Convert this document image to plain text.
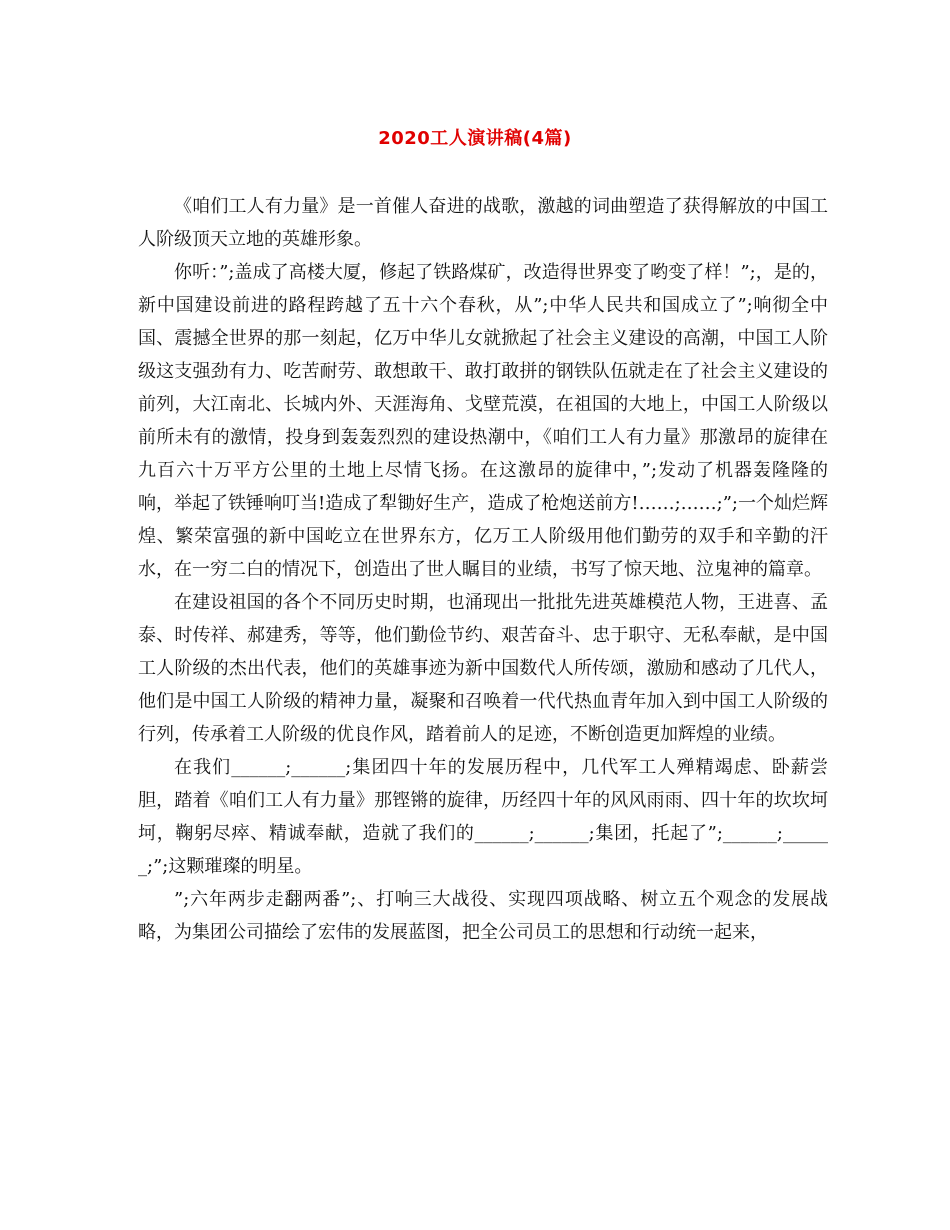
2020工人演讲稿(4篇)

《咱们工人有力量》是一首催人奋进的战歌，激越的词曲塑造了获得解放的中国工人阶级顶天立地的英雄形象。

你听：”;盖成了高楼大厦，修起了铁路煤矿，改造得世界变了哟变了样！”;，是的，新中国建设前进的路程跨越了五十六个春秋，从”;中华人民共和国成立了”;响彻全中国、震撼全世界的那一刻起，亿万中华儿女就掀起了社会主义建设的高潮，中国工人阶级这支强劲有力、吃苦耐劳、敢想敢干、敢打敢拼的钢铁队伍就走在了社会主义建设的前列，大江南北、长城内外、天涯海角、戈壁荒漠，在祖国的大地上，中国工人阶级以前所未有的激情，投身到轰轰烈烈的建设热潮中，《咱们工人有力量》那激昂的旋律在九百六十万平方公里的土地上尽情飞扬。在这激昂的旋律中，”;发动了机器轰隆隆的响，举起了铁锤响叮当!造成了犁锄好生产，造成了枪炮送前方!……;……;”;一个灿烂辉煌、繁荣富强的新中国屹立在世界东方，亿万工人阶级用他们勤劳的双手和辛勤的汗水，在一穷二白的情况下，创造出了世人瞩目的业绩，书写了惊天地、泣鬼神的篇章。

在建设祖国的各个不同历史时期，也涌现出一批批先进英雄模范人物，王进喜、孟泰、时传祥、郝建秀，等等，他们勤俭节约、艰苦奋斗、忠于职守、无私奉献，是中国工人阶级的杰出代表，他们的英雄事迹为新中国数代人所传颂，激励和感动了几代人，他们是中国工人阶级的精神力量，凝聚和召唤着一代代热血青年加入到中国工人阶级的行列，传承着工人阶级的优良作风，踏着前人的足迹，不断创造更加辉煌的业绩。

在我们______;______;集团四十年的发展历程中，几代军工人殚精竭虑、卧薪尝胆，踏着《咱们工人有力量》那铿锵的旋律，历经四十年的风风雨雨、四十年的坎坎坷坷，鞠躬尽瘁、精诚奉献，造就了我们的______;______;集团，托起了”;______;______;”;这颗璀璨的明星。

”;六年两步走翻两番”;、打响三大战役、实现四项战略、树立五个观念的发展战略，为集团公司描绘了宏伟的发展蓝图，把全公司员工的思想和行动统一起来，
